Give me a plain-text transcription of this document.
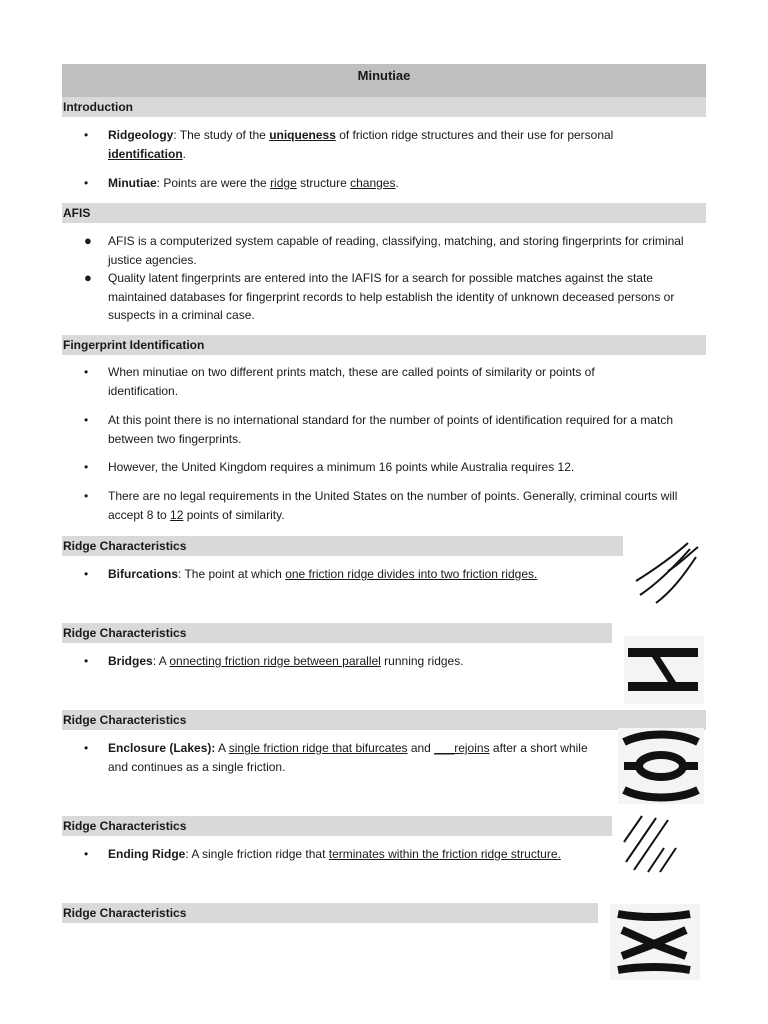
Minutiae
Introduction
• Ridgeology: The study of the uniqueness of friction ridge structures and their use for personal
identification.
• Minutiae: Points are were the ridge structure changes.
AFIS
● AFIS is a computerized system capable of reading, classifying, matching, and storing fingerprints for criminal justice agencies.
● Quality latent fingerprints are entered into the IAFIS for a search for possible matches against the state maintained databases for fingerprint records to help establish the identity of unknown deceased persons or suspects in a criminal case.
Fingerprint Identification
• When minutiae on two different prints match, these are called points of similarity or points of identification.
• At this point there is no international standard for the number of points of identification required for a match between two fingerprints.
• However, the United Kingdom requires a minimum 16 points while Australia requires 12.
• There are no legal requirements in the United States on the number of points. Generally, criminal courts will accept 8 to 12 points of similarity.
Ridge Characteristics
• Bifurcations: The point at which one friction ridge divides into two friction ridges.
Ridge Characteristics
• Bridges: A onnecting friction ridge between parallel running ridges.
Ridge Characteristics
• Enclosure (Lakes): A single friction ridge that bifurcates and ___rejoins after a short while and continues as a single friction.
Ridge Characteristics
• Ending Ridge: A single friction ridge that terminates within the friction ridge structure.
Ridge Characteristics
